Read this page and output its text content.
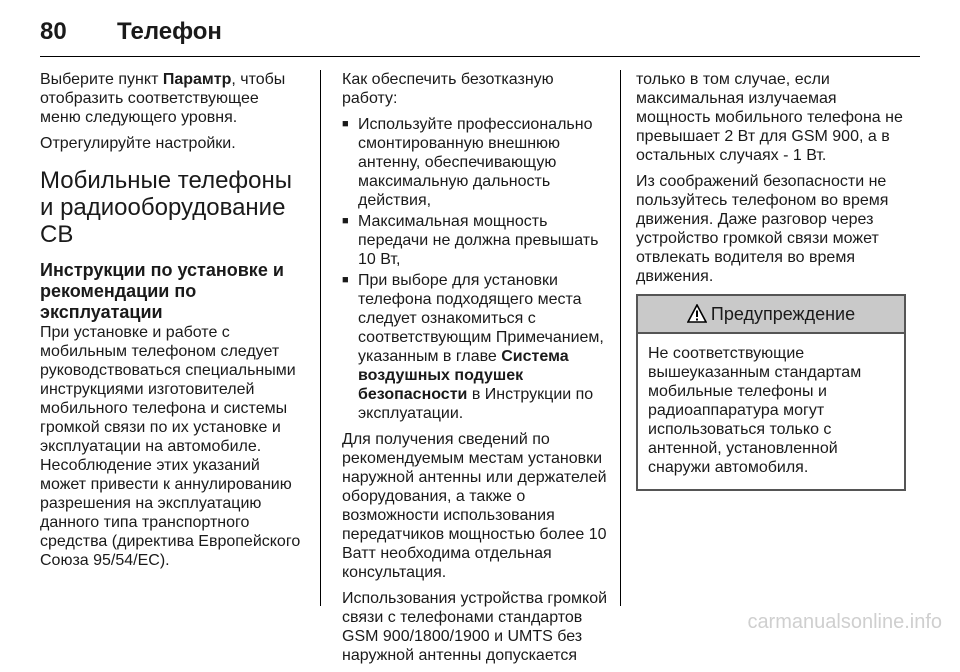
80 Телефон

Выберите пункт Парамтр, чтобы отобразить соответствующее меню следующего уровня.

Отрегулируйте настройки.

Мобильные телефоны и радиооборудование CB
Инструкции по установке и рекомендации по эксплуатации

При установке и работе с мобильным телефоном следует руководствоваться специальными инструкциями изготовителей мобильного телефона и системы громкой связи по их установке и эксплуатации на автомобиле. Несоблюдение этих указаний может привести к аннулированию разрешения на эксплуатацию данного типа транспортного средства (директива Европейского Союза 95/54/EC).

Как обеспечить безотказную работу:

■ Используйте профессионально смонтированную внешнюю антенну, обеспечивающую максимальную дальность действия,
■ Максимальная мощность передачи не должна превышать 10 Вт,
■ При выборе для установки телефона подходящего места следует ознакомиться с соответствующим Примечанием, указанным в главе Система воздушных подушек безопасности в Инструкции по эксплуатации.

Для получения сведений по рекомендуемым местам установки наружной антенны или держателей оборудования, а также о возможности использования передатчиков мощностью более 10 Ватт необходима отдельная консультация.

Использования устройства громкой связи с телефонами стандартов GSM 900/1800/1900 и UMTS без наружной антенны допускается

только в том случае, если максимальная излучаемая мощность мобильного телефона не превышает 2 Вт для GSM 900, а в остальных случаях - 1 Вт.

Из соображений безопасности не пользуйтесь телефоном во время движения. Даже разговор через устройство громкой связи может отвлекать водителя во время движения.

Предупреждение
Не соответствующие вышеуказанным стандартам мобильные телефоны и радиоаппаратура могут использоваться только с антенной, установленной снаружи автомобиля.
carmanualsonline.info
